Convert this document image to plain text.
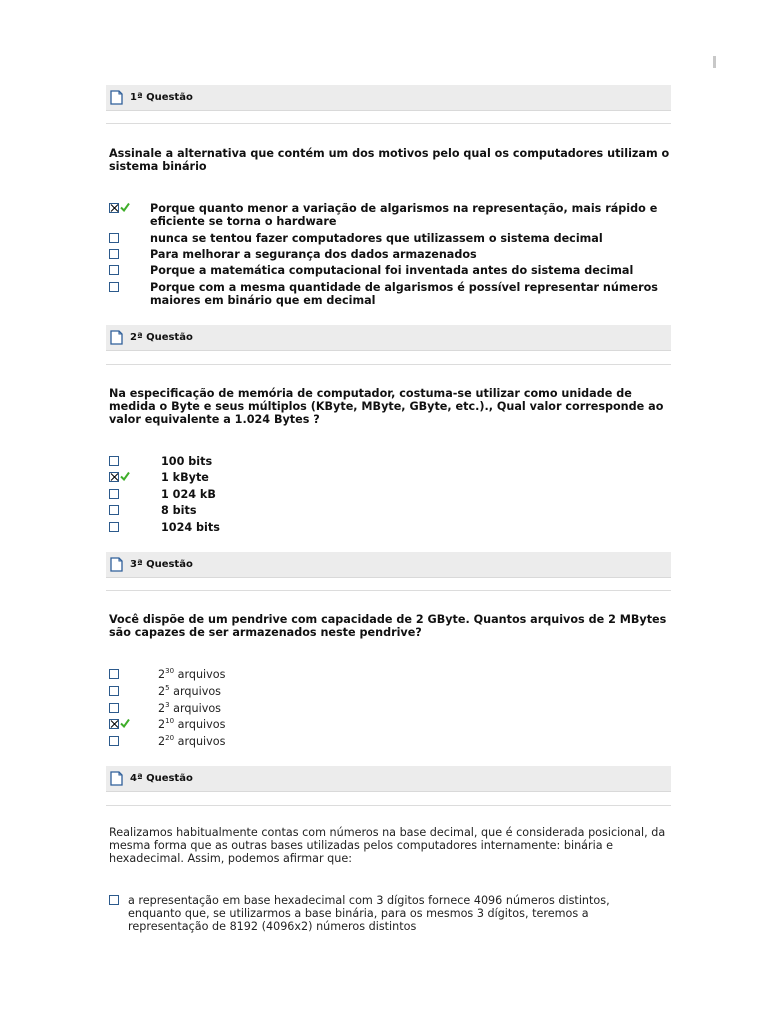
1ª Questão
Assinale a alternativa que contém um dos motivos pelo qual os computadores utilizam o sistema binário
Porque quanto menor a variação de algarismos na representação, mais rápido e eficiente se torna o hardware
nunca se tentou fazer computadores que utilizassem o sistema decimal
Para melhorar a segurança dos dados armazenados
Porque a matemática computacional foi inventada antes do sistema decimal
Porque com a mesma quantidade de algarismos é possível representar números maiores em binário que em decimal
2ª Questão
Na especificação de memória de computador, costuma-se utilizar como unidade de medida o Byte e seus múltiplos (KByte, MByte, GByte, etc.)., Qual valor corresponde ao valor equivalente a 1.024 Bytes ?
100 bits
1 kByte
1 024 kB
8 bits
1024 bits
3ª Questão
Você dispõe de um pendrive com capacidade de 2 GByte. Quantos arquivos de 2 MBytes são capazes de ser armazenados neste pendrive?
$2^{30}$ arquivos
$2^5$ arquivos
$2^3$ arquivos
$2^{10}$ arquivos
$2^{20}$ arquivos
4ª Questão
Realizamos habitualmente contas com números na base decimal, que é considerada posicional, da mesma forma que as outras bases utilizadas pelos computadores internamente: binária e hexadecimal. Assim, podemos afirmar que:
a representação em base hexadecimal com 3 dígitos fornece 4096 números distintos, enquanto que, se utilizarmos a base binária, para os mesmos 3 dígitos, teremos a representação de 8192 (4096x2) números distintos
